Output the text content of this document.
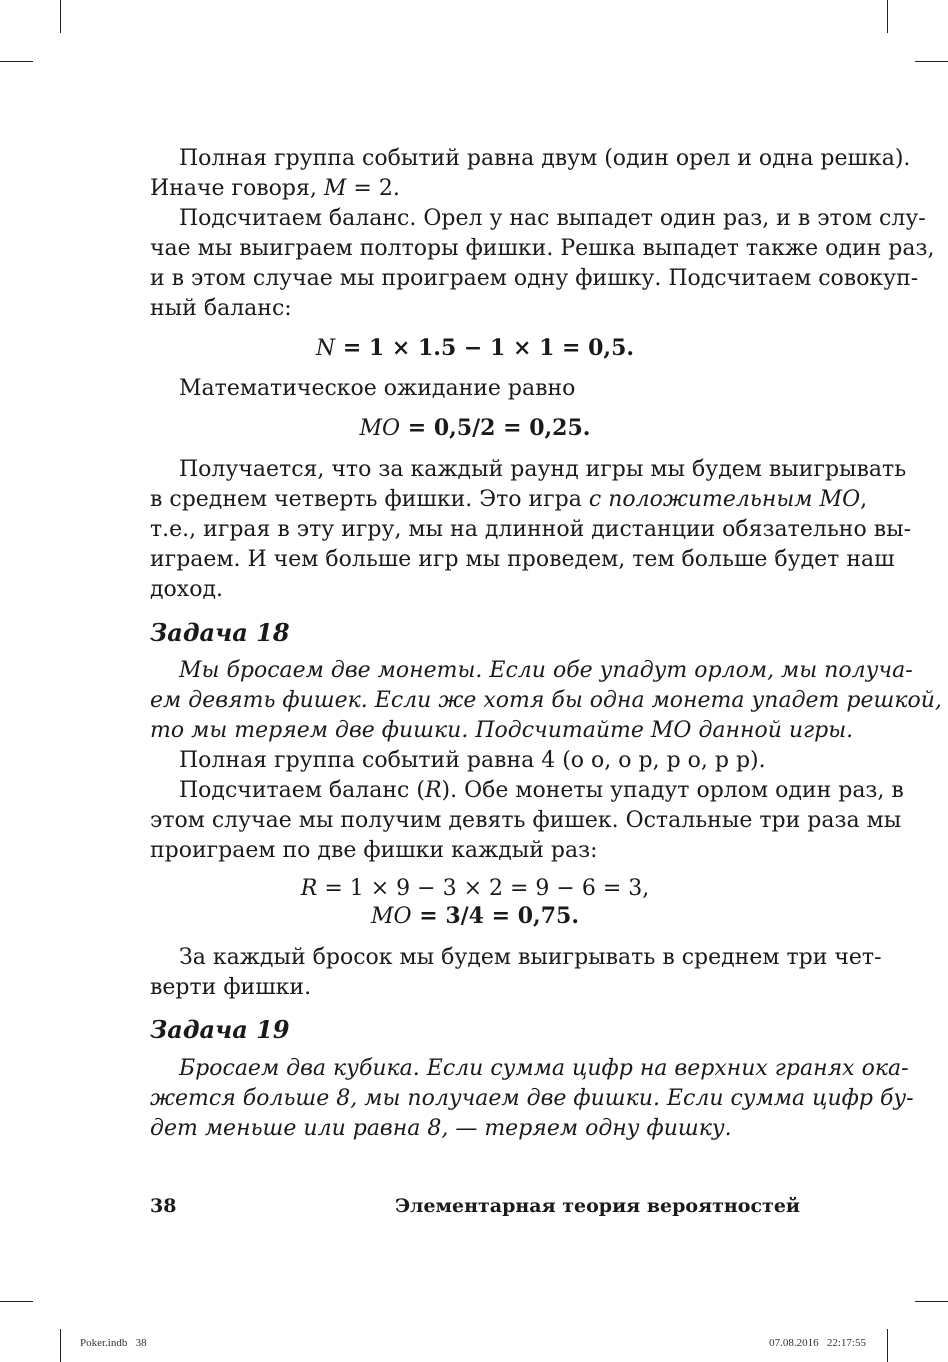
Полная группа событий равна двум (один орел и одна решка).
Иначе говоря, M = 2.
Подсчитаем баланс. Орел у нас выпадет один раз, и в этом слу-
чае мы выиграем полторы фишки. Решка выпадет также один раз,
и в этом случае мы проиграем одну фишку. Подсчитаем совокуп-
ный баланс:
N = 1 × 1.5 − 1 × 1 = 0,5.
Математическое ожидание равно
MO = 0,5/2 = 0,25.
Получается, что за каждый раунд игры мы будем выигрывать
в среднем четверть фишки. Это игра с положительным МО,
т.е., играя в эту игру, мы на длинной дистанции обязательно вы-
играем. И чем больше игр мы проведем, тем больше будет наш
доход.
Задача 18
Мы бросаем две монеты. Если обе упадут орлом, мы получа-
ем девять фишек. Если же хотя бы одна монета упадет решкой,
то мы теряем две фишки. Подсчитайте МО данной игры.
Полная группа событий равна 4 (о о, о р, р о, р р).
Подсчитаем баланс (R). Обе монеты упадут орлом один раз, в
этом случае мы получим девять фишек. Остальные три раза мы
проиграем по две фишки каждый раз:
R = 1 × 9 − 3 × 2 = 9 − 6 = 3,
MO = 3/4 = 0,75.
За каждый бросок мы будем выигрывать в среднем три чет-
верти фишки.
Задача 19
Бросаем два кубика. Если сумма цифр на верхних гранях ока-
жется больше 8, мы получаем две фишки. Если сумма цифр бу-
дет меньше или равна 8, — теряем одну фишку.
38	Элементарная теория вероятностей
Poker.indb   38	07.08.2016   22:17:55
